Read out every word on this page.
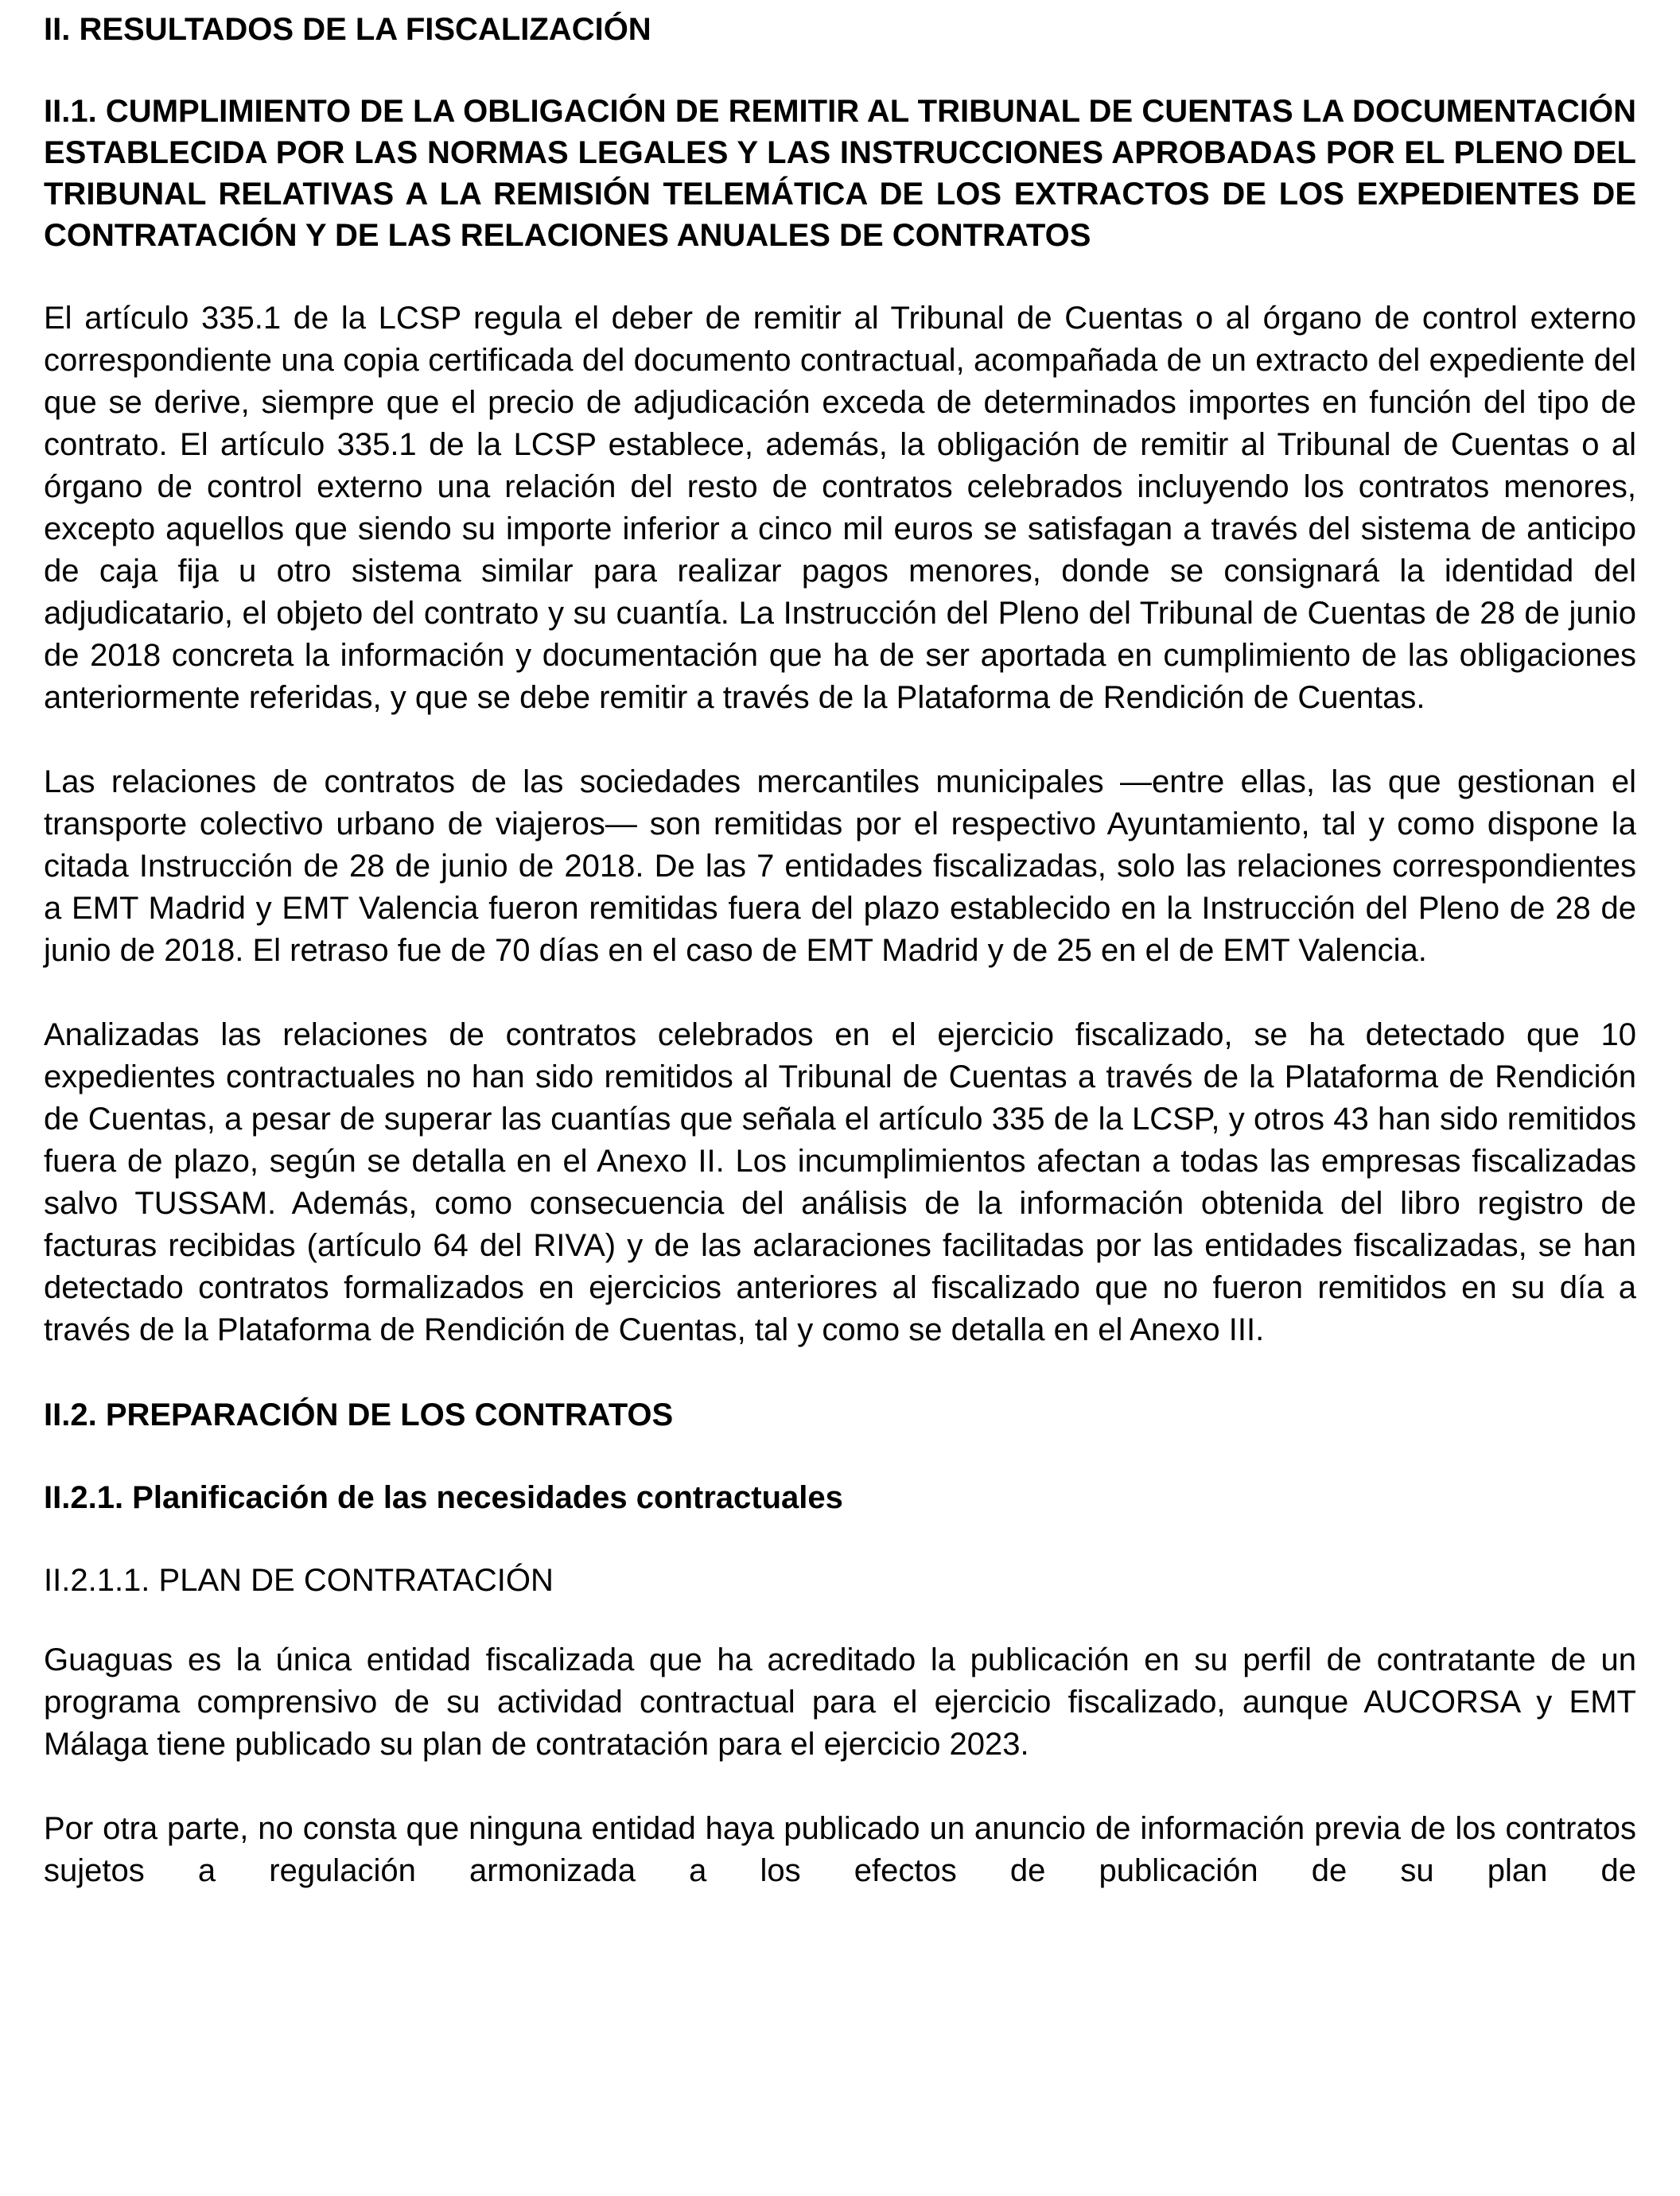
II. RESULTADOS DE LA FISCALIZACIÓN
II.1. CUMPLIMIENTO DE LA OBLIGACIÓN DE REMITIR AL TRIBUNAL DE CUENTAS LA DOCUMENTACIÓN ESTABLECIDA POR LAS NORMAS LEGALES Y LAS INSTRUCCIONES APROBADAS POR EL PLENO DEL TRIBUNAL RELATIVAS A LA REMISIÓN TELEMÁTICA DE LOS EXTRACTOS DE LOS EXPEDIENTES DE CONTRATACIÓN Y DE LAS RELACIONES ANUALES DE CONTRATOS

El artículo 335.1 de la LCSP regula el deber de remitir al Tribunal de Cuentas o al órgano de control externo correspondiente una copia certificada del documento contractual, acompañada de un extracto del expediente del que se derive, siempre que el precio de adjudicación exceda de determinados importes en función del tipo de contrato. El artículo 335.1 de la LCSP establece, además, la obligación de remitir al Tribunal de Cuentas o al órgano de control externo una relación del resto de contratos celebrados incluyendo los contratos menores, excepto aquellos que siendo su importe inferior a cinco mil euros se satisfagan a través del sistema de anticipo de caja fija u otro sistema similar para realizar pagos menores, donde se consignará la identidad del adjudicatario, el objeto del contrato y su cuantía. La Instrucción del Pleno del Tribunal de Cuentas de 28 de junio de 2018 concreta la información y documentación que ha de ser aportada en cumplimiento de las obligaciones anteriormente referidas, y que se debe remitir a través de la Plataforma de Rendición de Cuentas.

Las relaciones de contratos de las sociedades mercantiles municipales —entre ellas, las que gestionan el transporte colectivo urbano de viajeros— son remitidas por el respectivo Ayuntamiento, tal y como dispone la citada Instrucción de 28 de junio de 2018. De las 7 entidades fiscalizadas, solo las relaciones correspondientes a EMT Madrid y EMT Valencia fueron remitidas fuera del plazo establecido en la Instrucción del Pleno de 28 de junio de 2018. El retraso fue de 70 días en el caso de EMT Madrid y de 25 en el de EMT Valencia.

Analizadas las relaciones de contratos celebrados en el ejercicio fiscalizado, se ha detectado que 10 expedientes contractuales no han sido remitidos al Tribunal de Cuentas a través de la Plataforma de Rendición de Cuentas, a pesar de superar las cuantías que señala el artículo 335 de la LCSP, y otros 43 han sido remitidos fuera de plazo, según se detalla en el Anexo II. Los incumplimientos afectan a todas las empresas fiscalizadas salvo TUSSAM. Además, como consecuencia del análisis de la información obtenida del libro registro de facturas recibidas (artículo 64 del RIVA) y de las aclaraciones facilitadas por las entidades fiscalizadas, se han detectado contratos formalizados en ejercicios anteriores al fiscalizado que no fueron remitidos en su día a través de la Plataforma de Rendición de Cuentas, tal y como se detalla en el Anexo III.

II.2. PREPARACIÓN DE LOS CONTRATOS
II.2.1. Planificación de las necesidades contractuales
II.2.1.1. PLAN DE CONTRATACIÓN

Guaguas es la única entidad fiscalizada que ha acreditado la publicación en su perfil de contratante de un programa comprensivo de su actividad contractual para el ejercicio fiscalizado, aunque AUCORSA y EMT Málaga tiene publicado su plan de contratación para el ejercicio 2023.

Por otra parte, no consta que ninguna entidad haya publicado un anuncio de información previa de los contratos sujetos a regulación armonizada a los efectos de publicación de su plan de
